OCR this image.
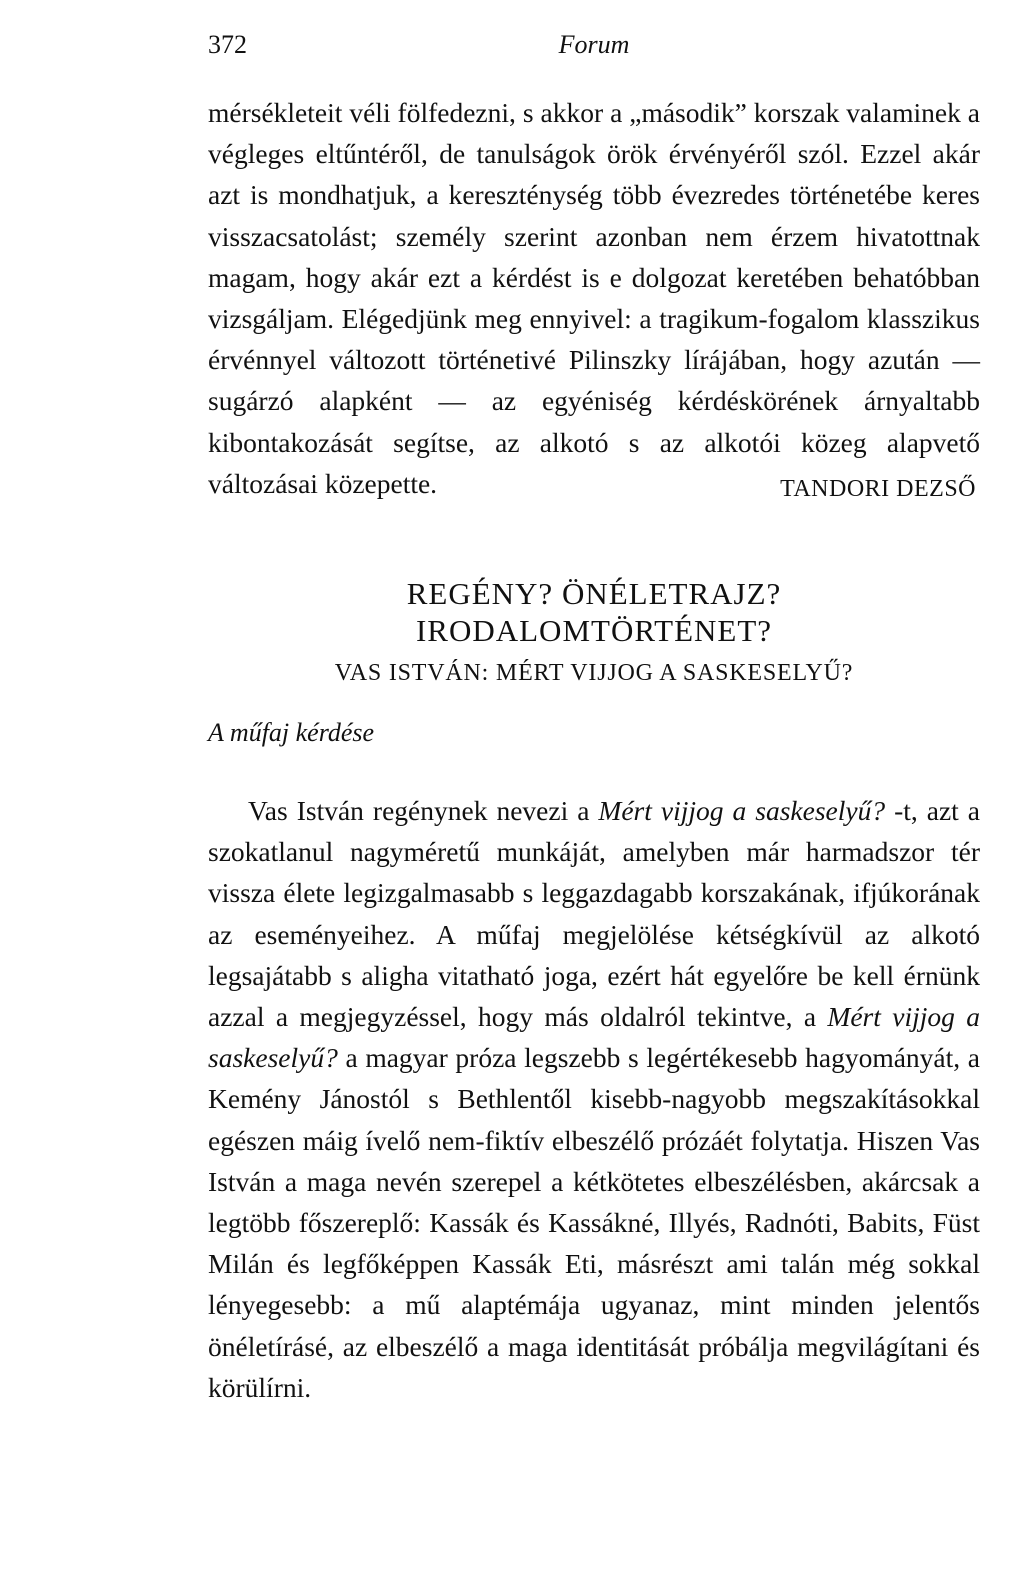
372	Forum

mérsékleteit véli fölfedezni, s akkor a „második” korszak valaminek a végleges eltűntéről, de tanulságok örök érvényéről szól. Ezzel akár azt is mondhatjuk, a kereszténység több évezredes történetébe keres visszacsatolást; személy szerint azonban nem érzem hivatottnak magam, hogy akár ezt a kérdést is e dolgozat keretében behatóbban vizsgáljam. Elégedjünk meg ennyivel: a tragikum-fogalom klasszikus érvénnyel változott történetivé Pilinszky lírájában, hogy azután — sugárzó alapként — az egyéniség kérdéskörének árnyaltabb kibontakozását segítse, az alkotó s az alkotói közeg alapvető változásai közepette.	TANDORI DEZSŐ
REGÉNY? ÖNÉLETRAJZ?
IRODALOMTÖRTÉNET?
VAS ISTVÁN: MÉRT VIJJOG A SASKESELYŰ?
A műfaj kérdése

Vas István regénynek nevezi a Mért vijjog a saskeselyű? -t, azt a szokatlanul nagyméretű munkáját, amelyben már harmadszor tér vissza élete legizgalmasabb s leggazdagabb korszakának, ifjúkorának az eseményeihez. A műfaj megjelölése kétségkívül az alkotó legsajátabb s aligha vitatható joga, ezért hát egyelőre be kell érnünk azzal a megjegyzéssel, hogy más oldalról tekintve, a Mért vijjog a saskeselyű? a magyar próza legszebb s legértékesebb hagyományát, a Kemény Jánostól s Bethlentől kisebb-nagyobb megszakításokkal egészen máig ívelő nem-fiktív elbeszélő prózáét folytatja. Hiszen Vas István a maga nevén szerepel a kétkötetes elbeszélésben, akárcsak a legtöbb főszereplő: Kassák és Kassákné, Illyés, Radnóti, Babits, Füst Milán és legfőképpen Kassák Eti, másrészt ami talán még sokkal lényegesebb: a mű alaptémája ugyanaz, mint minden jelentős önéletírásé, az elbeszélő a maga identitását próbálja megvilágítani és körülírni.
